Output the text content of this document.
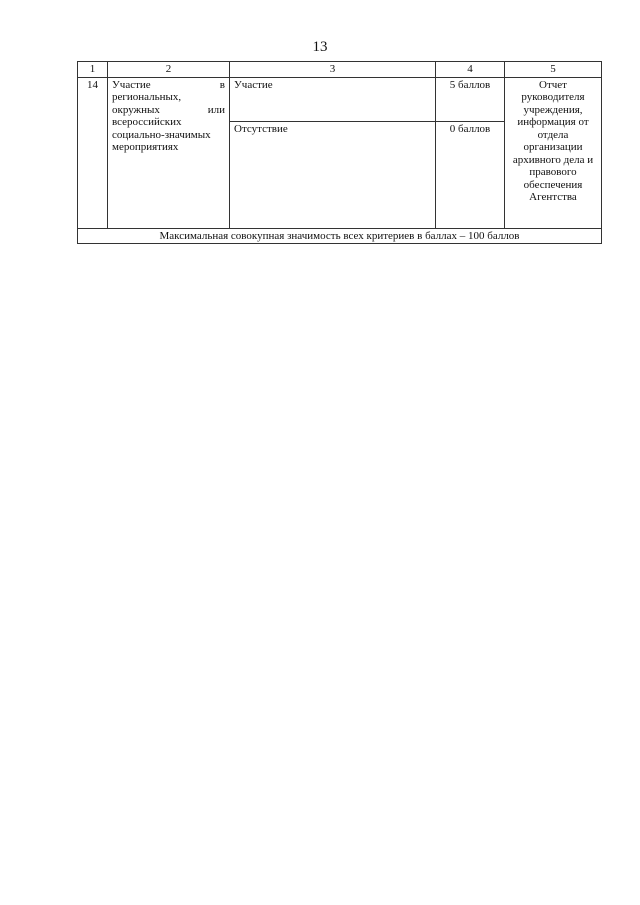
13
1	2	3	4	5
14	Участие в региональных, окружных или всероссийских социально-значимых мероприятиях	Участие	5 баллов	Отчет руководителя учреждения, информация от отдела организации архивного дела и правового обеспечения Агентства
		Отсутствие	0 баллов	
Максимальная совокупная значимость всех критериев в баллах – 100 баллов				
